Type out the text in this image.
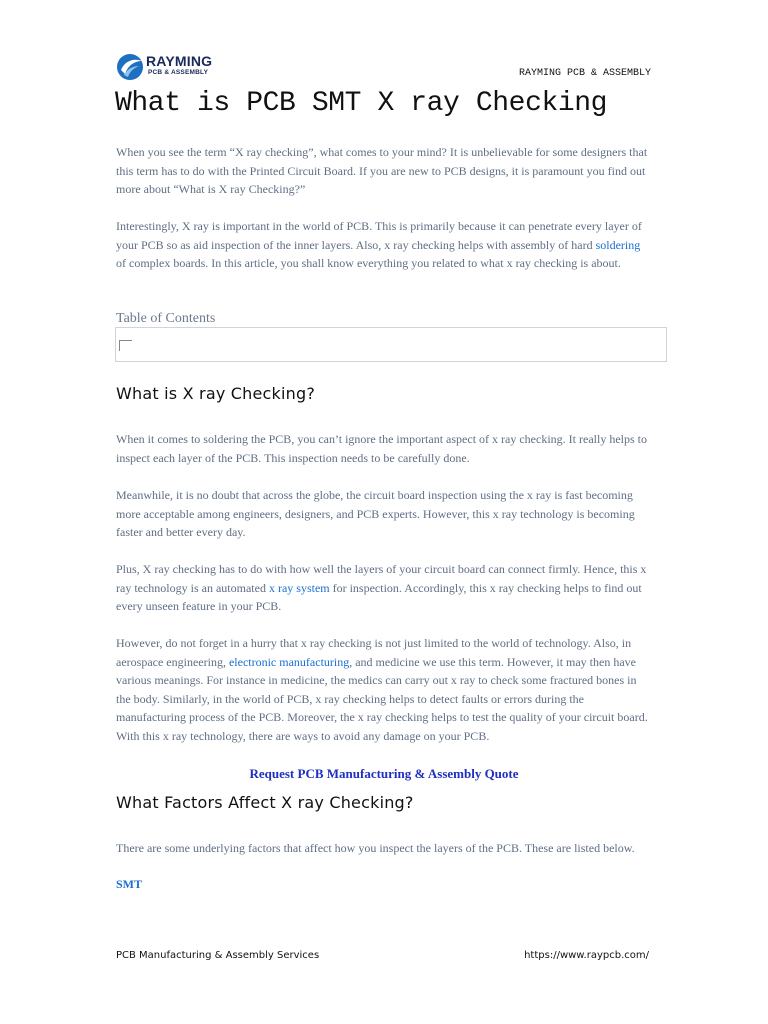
RAYMING
PCB & ASSEMBLY	RAYMING PCB & ASSEMBLY
What is PCB SMT X ray Checking

When you see the term “X ray checking”, what comes to your mind? It is unbelievable for some designers that this term has to do with the Printed Circuit Board. If you are new to PCB designs, it is paramount you find out more about “What is X ray Checking?”

Interestingly, X ray is important in the world of PCB. This is primarily because it can penetrate every layer of your PCB so as aid inspection of the inner layers. Also, x ray checking helps with assembly of hard soldering of complex boards. In this article, you shall know everything you related to what x ray checking is about.

Table of Contents
What is X ray Checking?

When it comes to soldering the PCB, you can’t ignore the important aspect of x ray checking. It really helps to inspect each layer of the PCB. This inspection needs to be carefully done.

Meanwhile, it is no doubt that across the globe, the circuit board inspection using the x ray is fast becoming more acceptable among engineers, designers, and PCB experts. However, this x ray technology is becoming faster and better every day.

Plus, X ray checking has to do with how well the layers of your circuit board can connect firmly. Hence, this x ray technology is an automated x ray system for inspection. Accordingly, this x ray checking helps to find out every unseen feature in your PCB.

However, do not forget in a hurry that x ray checking is not just limited to the world of technology. Also, in aerospace engineering, electronic manufacturing, and medicine we use this term. However, it may then have various meanings. For instance in medicine, the medics can carry out x ray to check some fractured bones in the body. Similarly, in the world of PCB, x ray checking helps to detect faults or errors during the manufacturing process of the PCB. Moreover, the x ray checking helps to test the quality of your circuit board. With this x ray technology, there are ways to avoid any damage on your PCB.

Request PCB Manufacturing & Assembly Quote
What Factors Affect X ray Checking?

There are some underlying factors that affect how you inspect the layers of the PCB. These are listed below.

SMT
PCB Manufacturing & Assembly Services	https://www.raypcb.com/
